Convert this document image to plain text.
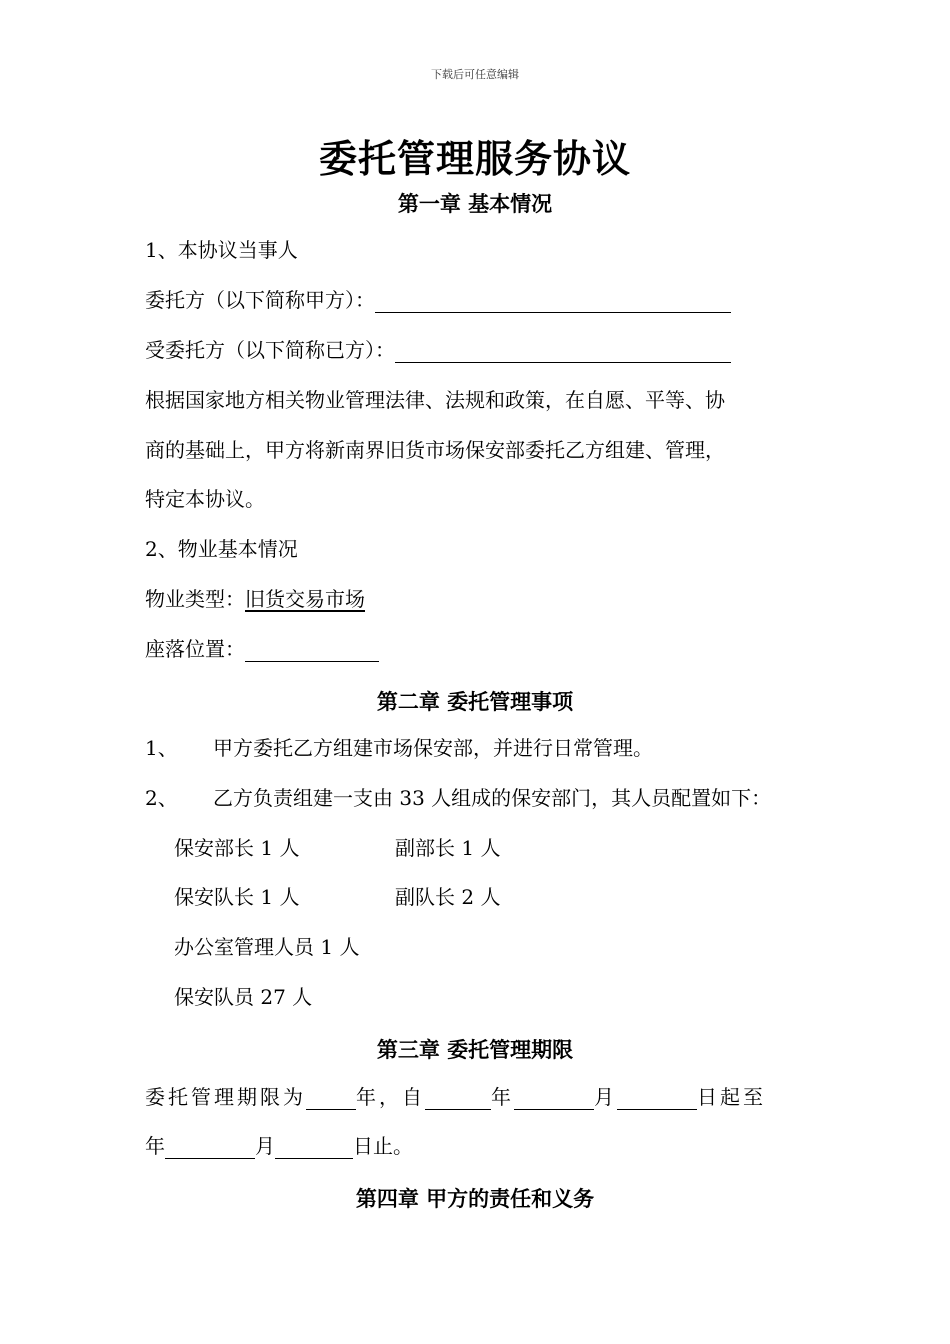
下载后可任意编辑
委托管理服务协议
第一章 基本情况
1、本协议当事人
委托方（以下简称甲方）：
受委托方（以下简称已方）：
根据国家地方相关物业管理法律、法规和政策，在自愿、平等、协
商的基础上，甲方将新南界旧货市场保安部委托乙方组建、管理，
特定本协议。
2、物业基本情况
物业类型：旧货交易市场
座落位置：
第二章 委托管理事项
1、 甲方委托乙方组建市场保安部，并进行日常管理。
2、 乙方负责组建一支由 33 人组成的保安部门，其人员配置如下：
保安部长 1 人	副部长 1 人
保安队长 1 人	副队长 2 人
办公室管理人员 1 人
保安队员 27 人
第三章 委托管理期限
委托管理期限为	年，自	年	月	日起至
年	月	日止。
第四章 甲方的责任和义务
